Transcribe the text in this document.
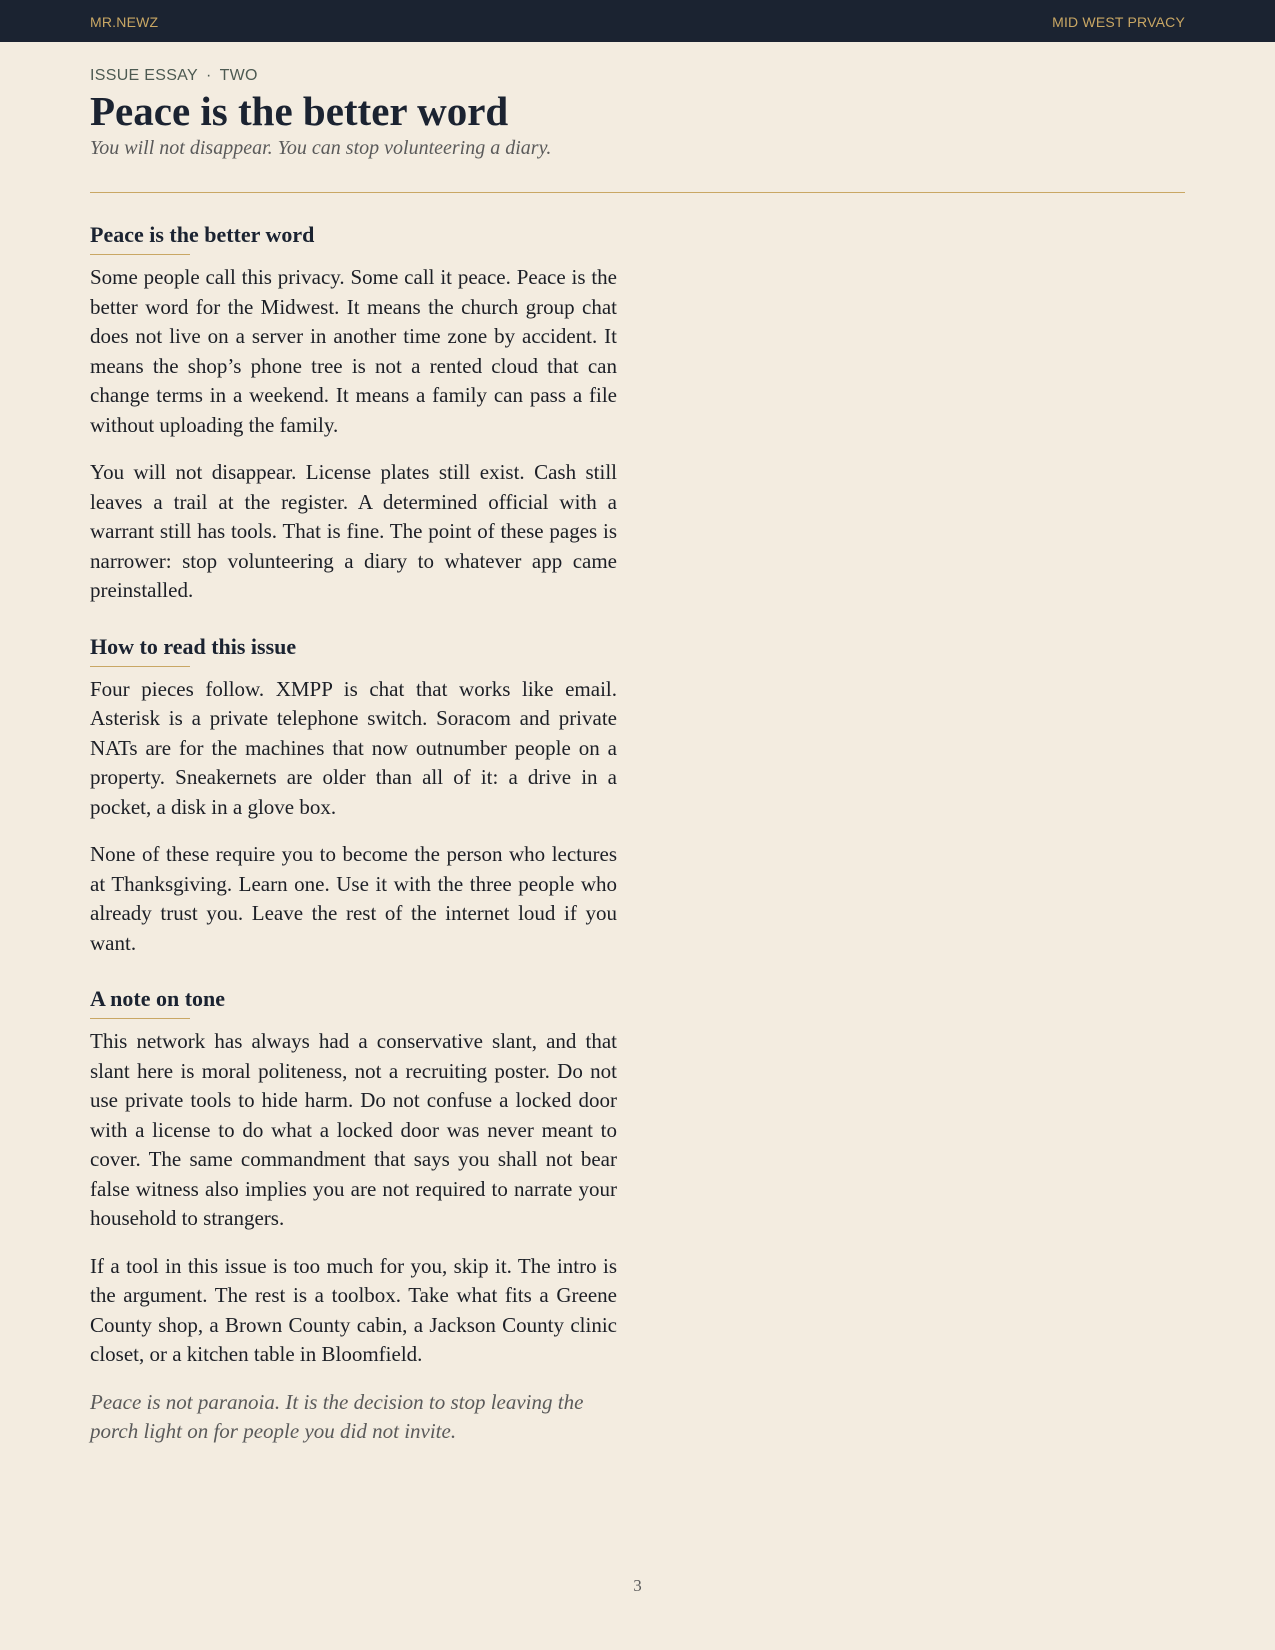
MR.NEWZ	MID WEST PRVACY
ISSUE ESSAY · TWO
Peace is the better word

You will not disappear. You can stop volunteering a diary.

Peace is the better word

Some people call this privacy. Some call it peace. Peace is the better word for the Midwest. It means the church group chat does not live on a server in another time zone by accident. It means the shop’s phone tree is not a rented cloud that can change terms in a weekend. It means a family can pass a file without uploading the family.

You will not disappear. License plates still exist. Cash still leaves a trail at the register. A determined official with a warrant still has tools. That is fine. The point of these pages is narrower: stop volunteering a diary to whatever app came preinstalled.

How to read this issue

Four pieces follow. XMPP is chat that works like email. Asterisk is a private telephone switch. Soracom and private NATs are for the machines that now outnumber people on a property. Sneakernets are older than all of it: a drive in a pocket, a disk in a glove box.

None of these require you to become the person who lectures at Thanksgiving. Learn one. Use it with the three people who already trust you. Leave the rest of the internet loud if you want.

A note on tone

This network has always had a conservative slant, and that slant here is moral politeness, not a recruiting poster. Do not use private tools to hide harm. Do not confuse a locked door with a license to do what a locked door was never meant to cover. The same commandment that says you shall not bear false witness also implies you are not required to narrate your household to strangers.

If a tool in this issue is too much for you, skip it. The intro is the argument. The rest is a toolbox. Take what fits a Greene County shop, a Brown County cabin, a Jackson County clinic closet, or a kitchen table in Bloomfield.

Peace is not paranoia. It is the decision to stop leaving the porch light on for people you did not invite.

3
